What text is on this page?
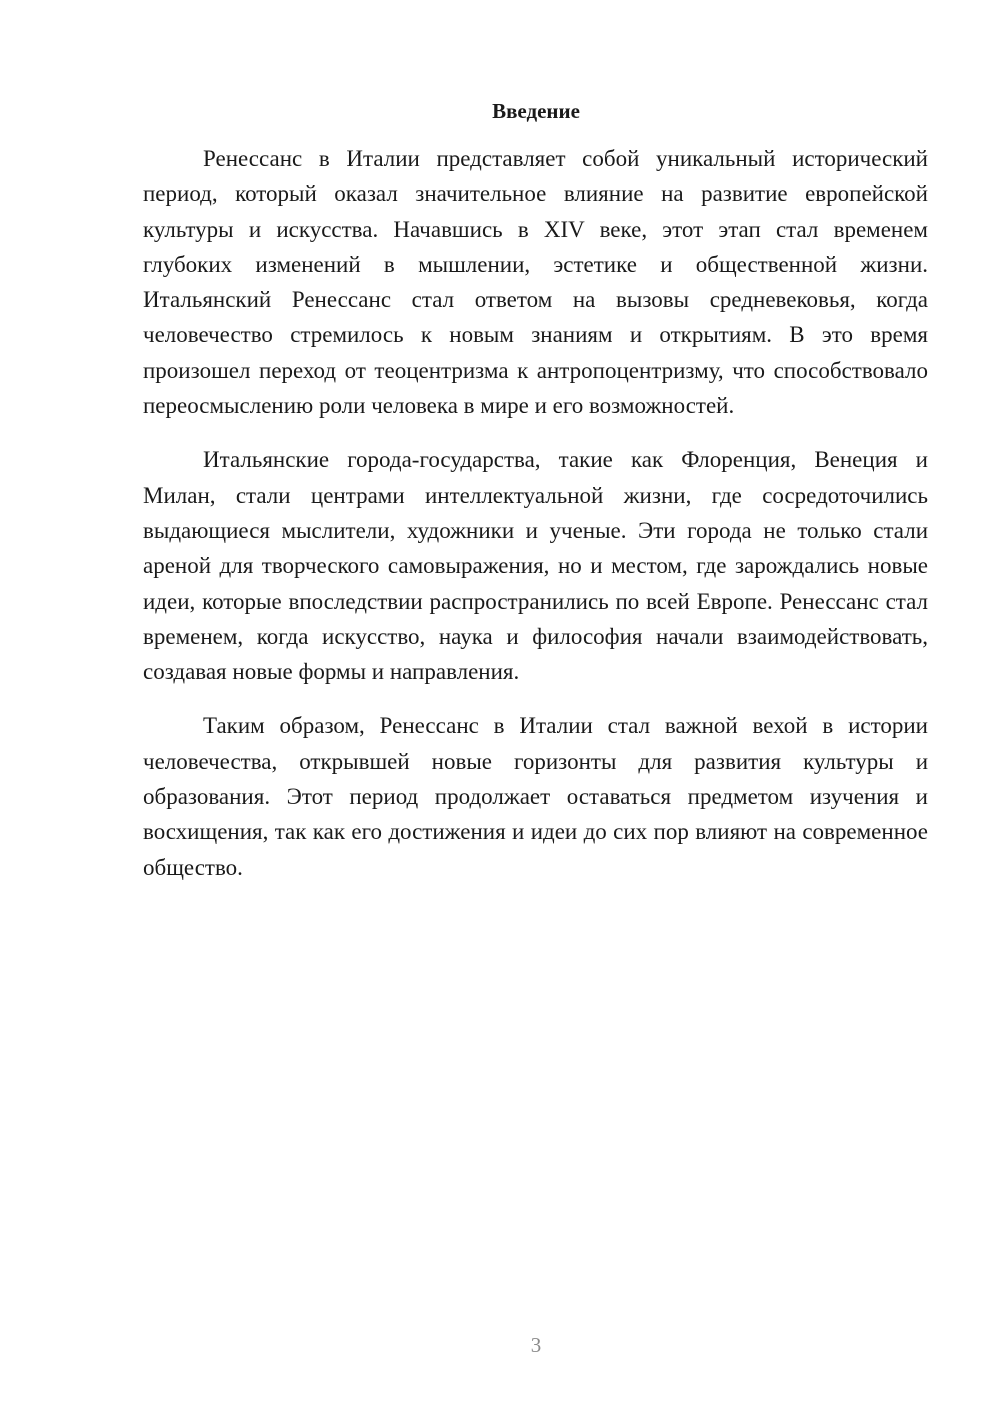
Введение

Ренессанс в Италии представляет собой уникальный исторический период, который оказал значительное влияние на развитие европейской культуры и искусства. Начавшись в XIV веке, этот этап стал временем глубоких изменений в мышлении, эстетике и общественной жизни. Итальянский Ренессанс стал ответом на вызовы средневековья, когда человечество стремилось к новым знаниям и открытиям. В это время произошел переход от теоцентризма к антропоцентризму, что способствовало переосмыслению роли человека в мире и его возможностей.

Итальянские города-государства, такие как Флоренция, Венеция и Милан, стали центрами интеллектуальной жизни, где сосредоточились выдающиеся мыслители, художники и ученые. Эти города не только стали ареной для творческого самовыражения, но и местом, где зарождались новые идеи, которые впоследствии распространились по всей Европе. Ренессанс стал временем, когда искусство, наука и философия начали взаимодействовать, создавая новые формы и направления.

Таким образом, Ренессанс в Италии стал важной вехой в истории человечества, открывшей новые горизонты для развития культуры и образования. Этот период продолжает оставаться предметом изучения и восхищения, так как его достижения и идеи до сих пор влияют на современное общество.

3
